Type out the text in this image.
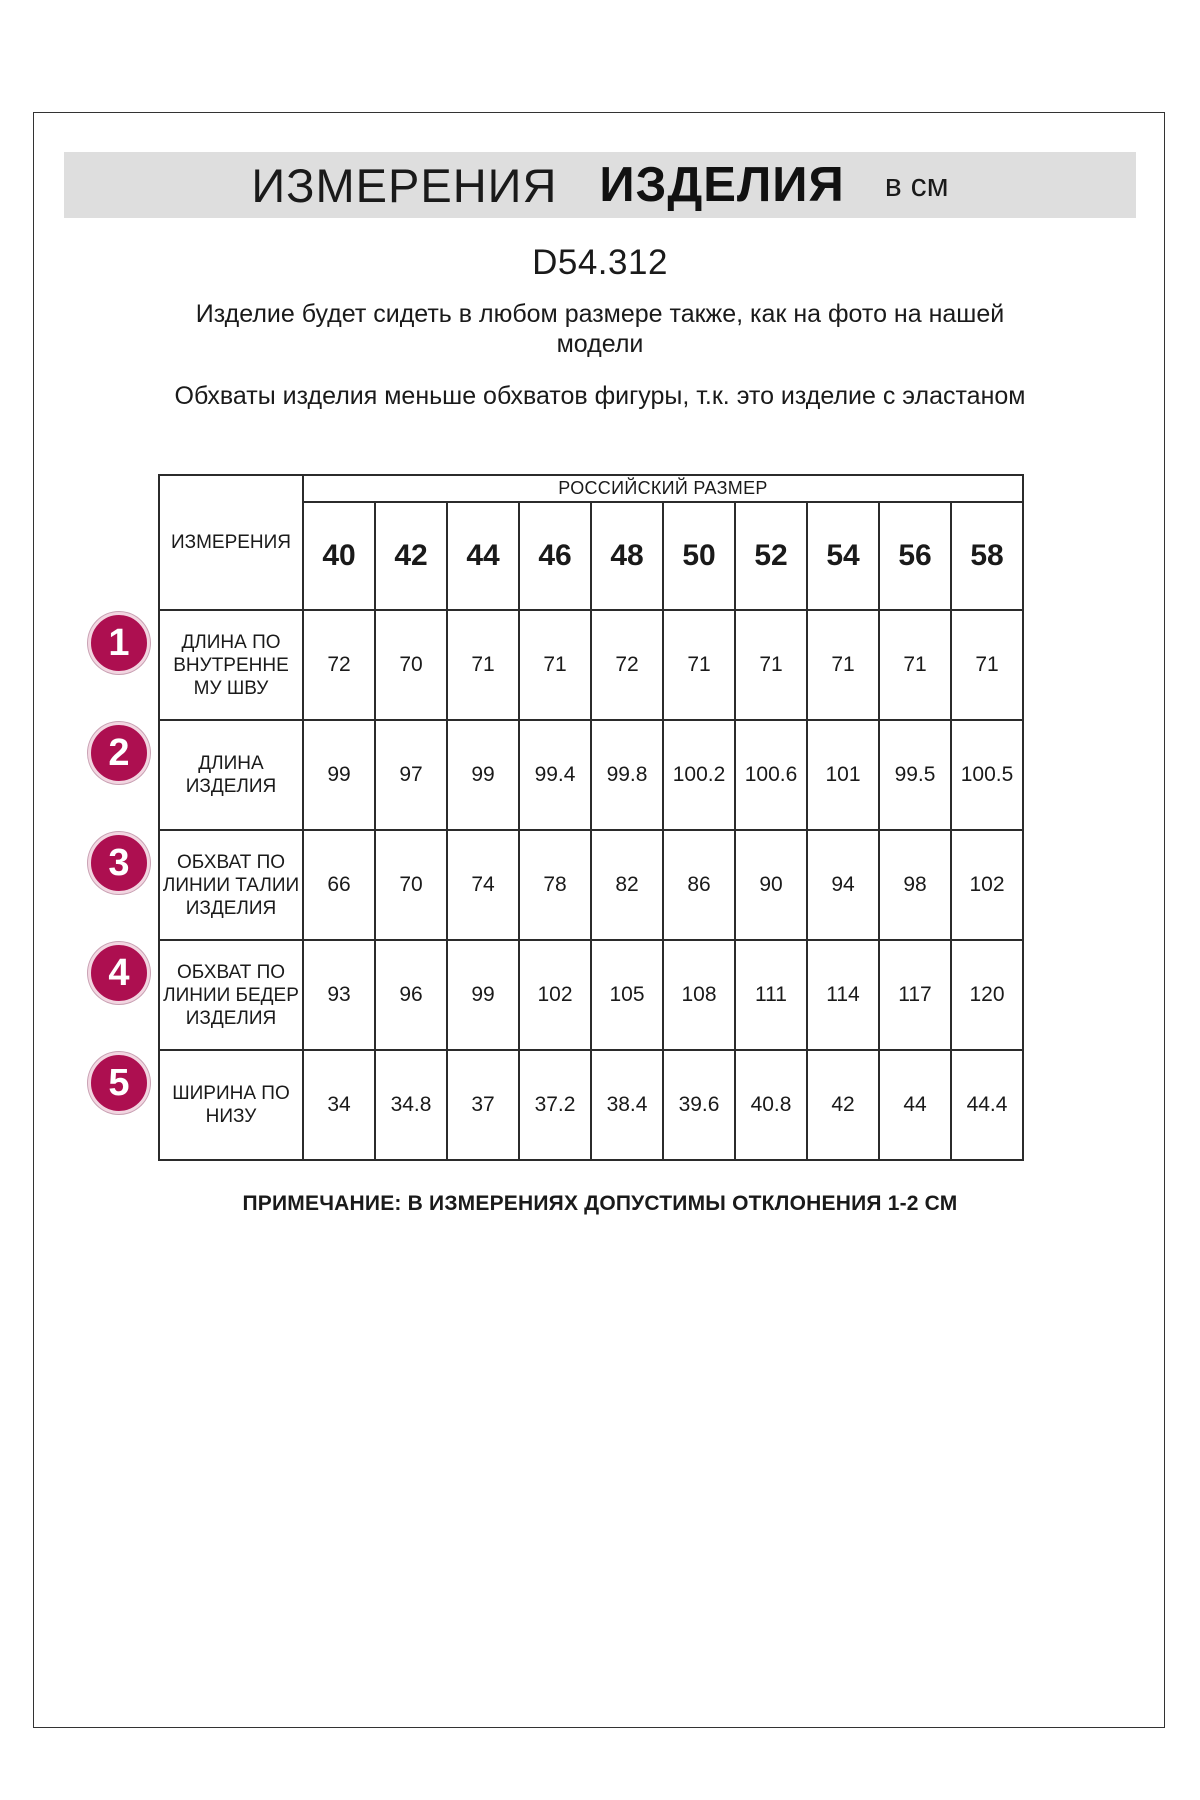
ИЗМЕРЕНИЯ ИЗДЕЛИЯ в см
D54.312
Изделие будет сидеть в любом размере также, как на фото на нашей модели
Обхваты изделия меньше обхватов фигуры, т.к. это изделие с эластаном
ИЗМЕРЕНИЯ	РОССИЙСКИЙ РАЗМЕР									
	40	42	44	46	48	50	52	54	56	58
ДЛИНА ПО ВНУТРЕННЕ МУ ШВУ	72	70	71	71	72	71	71	71	71	71
ДЛИНА ИЗДЕЛИЯ	99	97	99	99.4	99.8	100.2	100.6	101	99.5	100.5
ОБХВАТ ПО ЛИНИИ ТАЛИИ ИЗДЕЛИЯ	66	70	74	78	82	86	90	94	98	102
ОБХВАТ ПО ЛИНИИ БЕДЕР ИЗДЕЛИЯ	93	96	99	102	105	108	111	114	117	120
ШИРИНА ПО НИЗУ	34	34.8	37	37.2	38.4	39.6	40.8	42	44	44.4
1
2
3
4
5
ПРИМЕЧАНИЕ: В ИЗМЕРЕНИЯХ ДОПУСТИМЫ ОТКЛОНЕНИЯ 1-2 СМ
